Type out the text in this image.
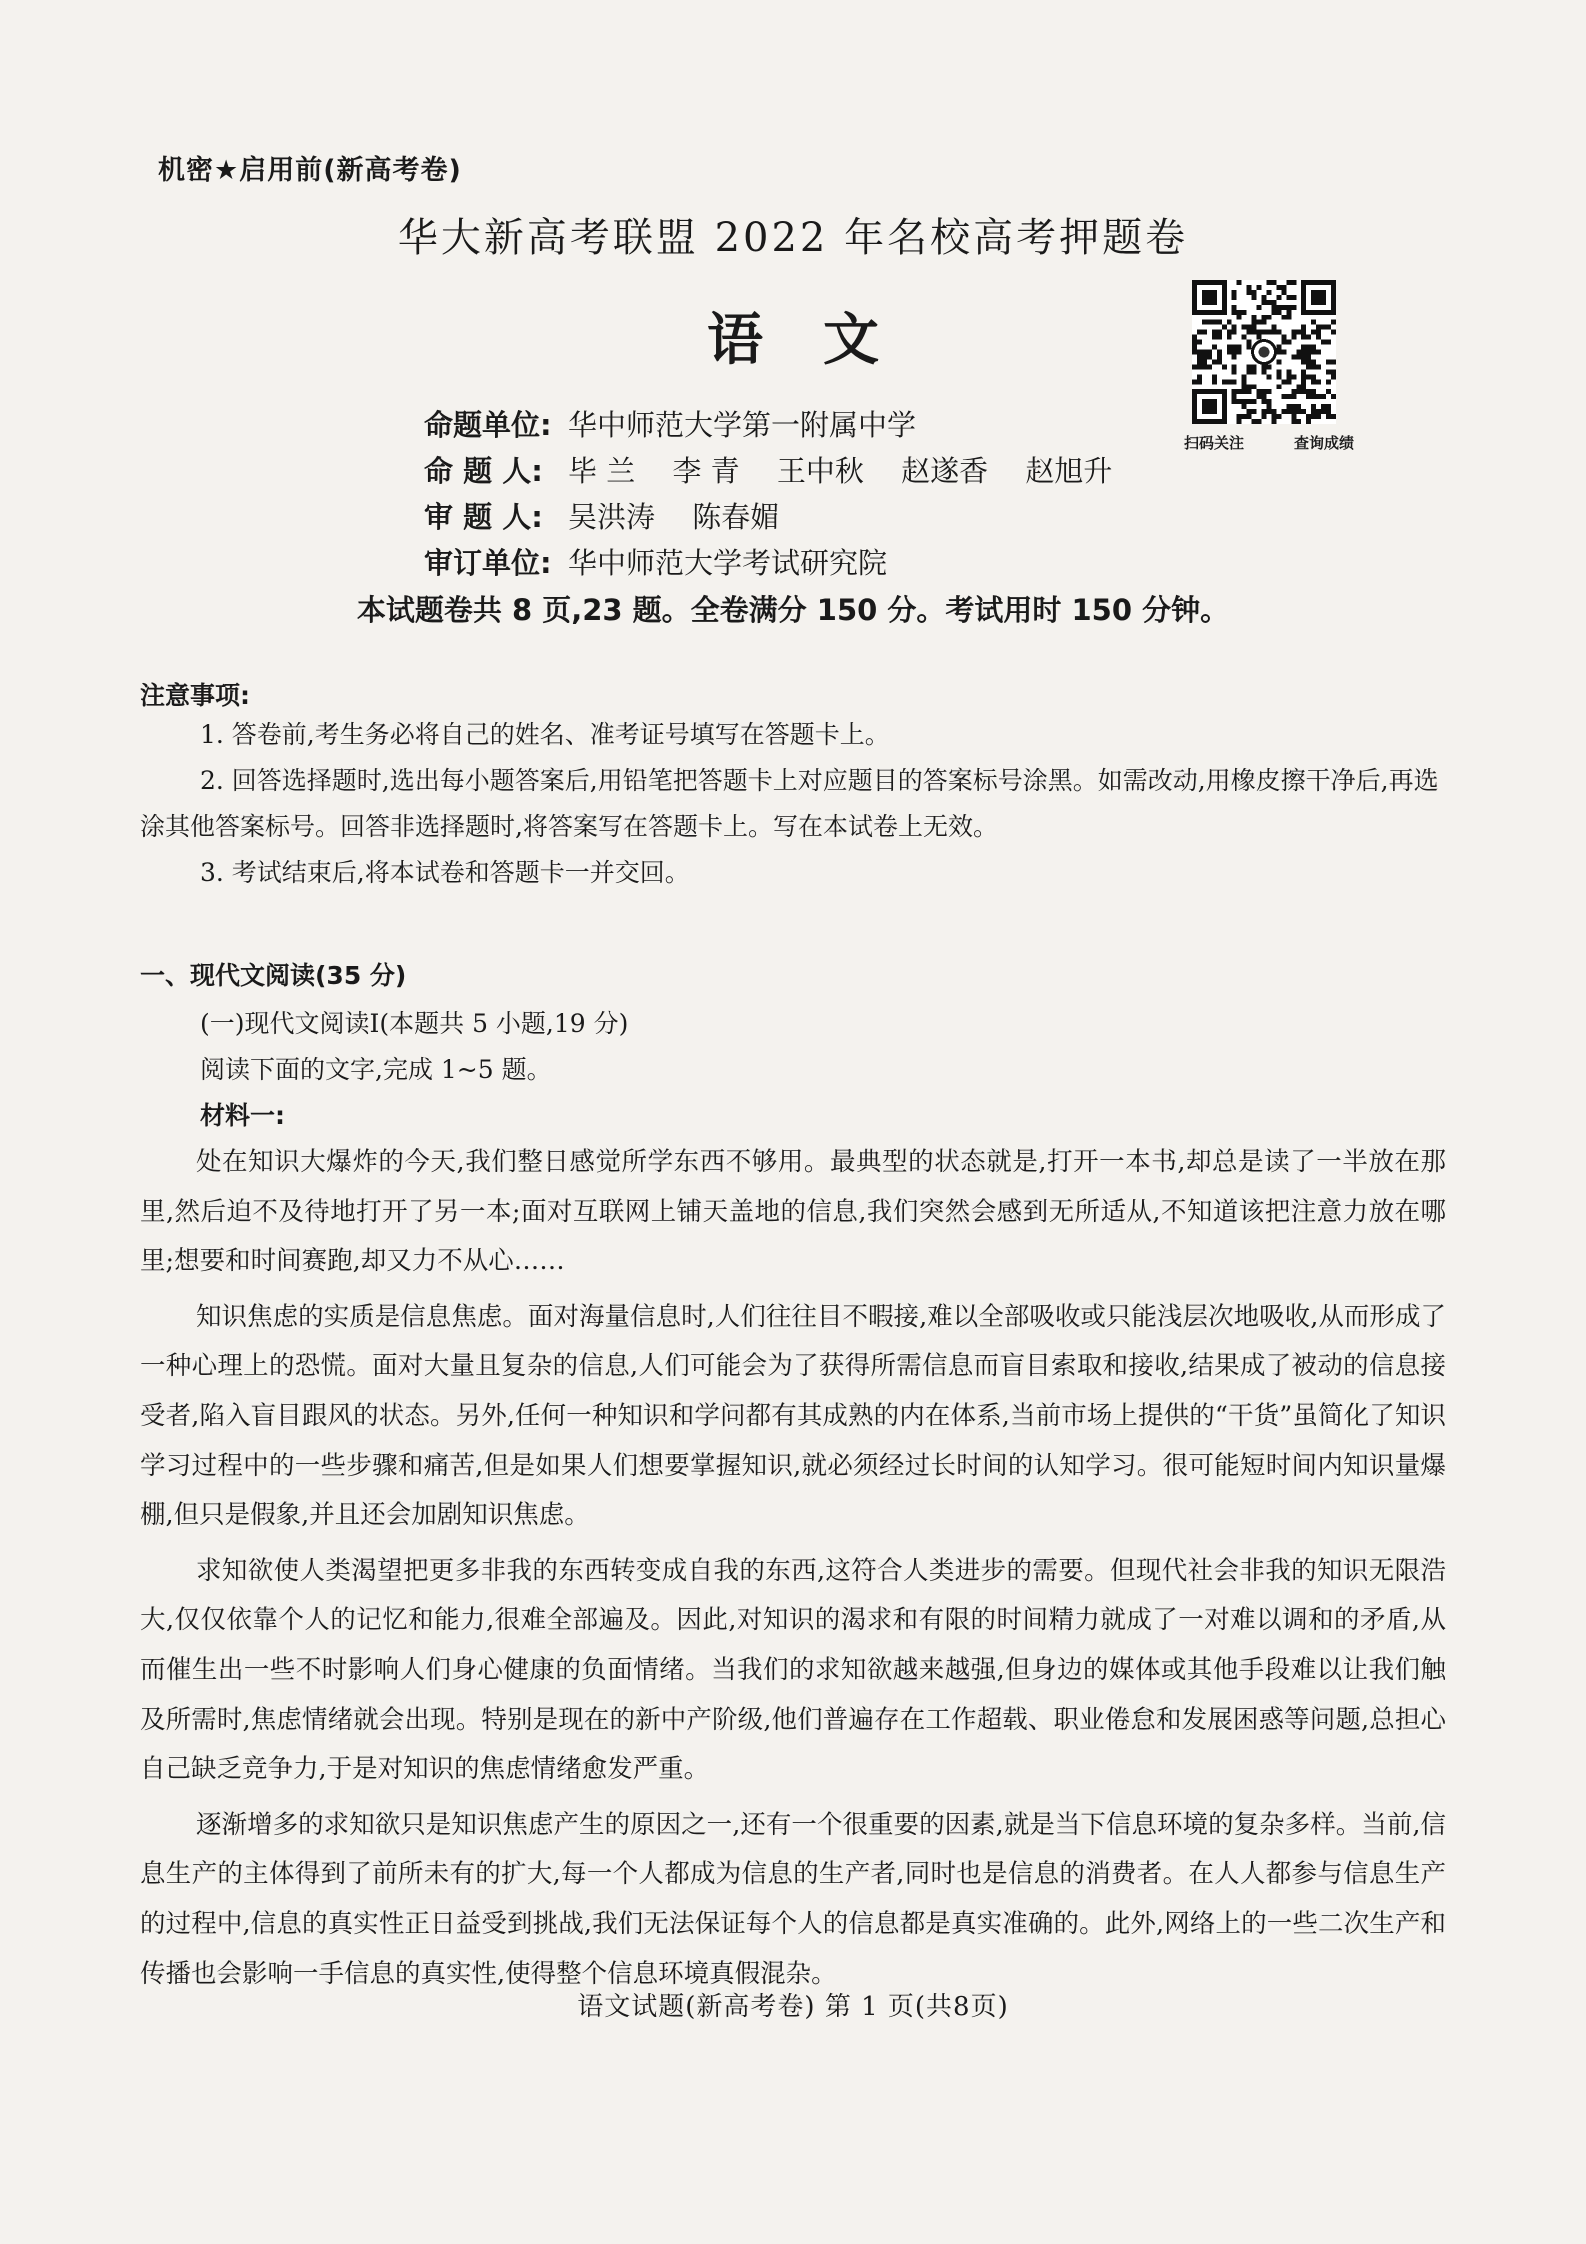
机密★启用前(新高考卷)
华大新高考联盟 2022 年名校高考押题卷
语文
扫码关注	查询成绩
命题单位: 华中师范大学第一附属中学
命 题 人: 毕 兰 李 青 王中秋 赵遂香 赵旭升
审 题 人: 吴洪涛 陈春媚
审订单位: 华中师范大学考试研究院
本试题卷共 8 页,23 题。全卷满分 150 分。考试用时 150 分钟。
注意事项:

1. 答卷前,考生务必将自己的姓名、准考证号填写在答题卡上。

2. 回答选择题时,选出每小题答案后,用铅笔把答题卡上对应题目的答案标号涂黑。如需改动,用橡皮擦干净后,再选涂其他答案标号。回答非选择题时,将答案写在答题卡上。写在本试卷上无效。

3. 考试结束后,将本试卷和答题卡一并交回。

一、现代文阅读(35 分)
(一)现代文阅读Ⅰ(本题共 5 小题,19 分)
阅读下面的文字,完成 1~5 题。
材料一:

处在知识大爆炸的今天,我们整日感觉所学东西不够用。最典型的状态就是,打开一本书,却总是读了一半放在那里,然后迫不及待地打开了另一本;面对互联网上铺天盖地的信息,我们突然会感到无所适从,不知道该把注意力放在哪里;想要和时间赛跑,却又力不从心……

知识焦虑的实质是信息焦虑。面对海量信息时,人们往往目不暇接,难以全部吸收或只能浅层次地吸收,从而形成了一种心理上的恐慌。面对大量且复杂的信息,人们可能会为了获得所需信息而盲目索取和接收,结果成了被动的信息接受者,陷入盲目跟风的状态。另外,任何一种知识和学问都有其成熟的内在体系,当前市场上提供的“干货”虽简化了知识学习过程中的一些步骤和痛苦,但是如果人们想要掌握知识,就必须经过长时间的认知学习。很可能短时间内知识量爆棚,但只是假象,并且还会加剧知识焦虑。

求知欲使人类渴望把更多非我的东西转变成自我的东西,这符合人类进步的需要。但现代社会非我的知识无限浩大,仅仅依靠个人的记忆和能力,很难全部遍及。因此,对知识的渴求和有限的时间精力就成了一对难以调和的矛盾,从而催生出一些不时影响人们身心健康的负面情绪。当我们的求知欲越来越强,但身边的媒体或其他手段难以让我们触及所需时,焦虑情绪就会出现。特别是现在的新中产阶级,他们普遍存在工作超载、职业倦怠和发展困惑等问题,总担心自己缺乏竞争力,于是对知识的焦虑情绪愈发严重。

逐渐增多的求知欲只是知识焦虑产生的原因之一,还有一个很重要的因素,就是当下信息环境的复杂多样。当前,信息生产的主体得到了前所未有的扩大,每一个人都成为信息的生产者,同时也是信息的消费者。在人人都参与信息生产的过程中,信息的真实性正日益受到挑战,我们无法保证每个人的信息都是真实准确的。此外,网络上的一些二次生产和传播也会影响一手信息的真实性,使得整个信息环境真假混杂。

语文试题(新高考卷) 第 1 页(共8页)
